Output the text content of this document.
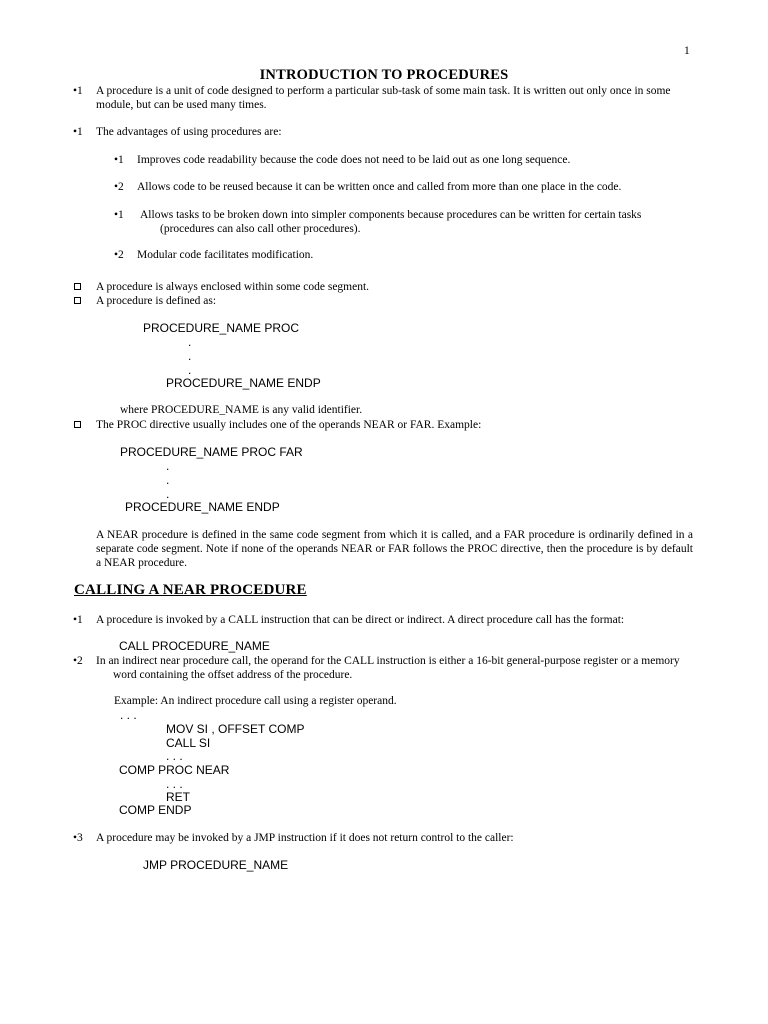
1
INTRODUCTION TO PROCEDURES
•1 A procedure is a unit of code designed to perform a particular sub-task of some main task. It is written out only once in some module, but can be used many times.
•1 The advantages of using procedures are:
•1 Improves code readability because the code does not need to be laid out as one long sequence.
•2 Allows code to be reused because it can be written once and called from more than one place in the code.
•1 Allows tasks to be broken down into simpler components because procedures can be written for certain tasks (procedures can also call other procedures).
•2 Modular code facilitates modification.
A procedure is always enclosed within some code segment.
A procedure is defined as:
PROCEDURE_NAME PROC
.
.
.
PROCEDURE_NAME ENDP
where PROCEDURE_NAME is any valid identifier.
The PROC directive usually includes one of the operands NEAR or FAR. Example:
PROCEDURE_NAME PROC FAR
.
.
.
PROCEDURE_NAME ENDP
A NEAR procedure is defined in the same code segment from which it is called, and a FAR procedure is ordinarily defined in a separate code segment. Note if none of the operands NEAR or FAR follows the PROC directive, then the procedure is by default a NEAR procedure.
CALLING A NEAR PROCEDURE
•1 A procedure is invoked by a CALL instruction that can be direct or indirect. A direct procedure call has the format:
CALL PROCEDURE_NAME
•2 In an indirect near procedure call, the operand for the CALL instruction is either a 16-bit general-purpose register or a memory word containing the offset address of the procedure.
Example: An indirect procedure call using a register operand.
. . .
MOV SI , OFFSET COMP
CALL SI
. . .
COMP PROC NEAR
. . .
RET
COMP ENDP
•3 A procedure may be invoked by a JMP instruction if it does not return control to the caller:
JMP PROCEDURE_NAME
